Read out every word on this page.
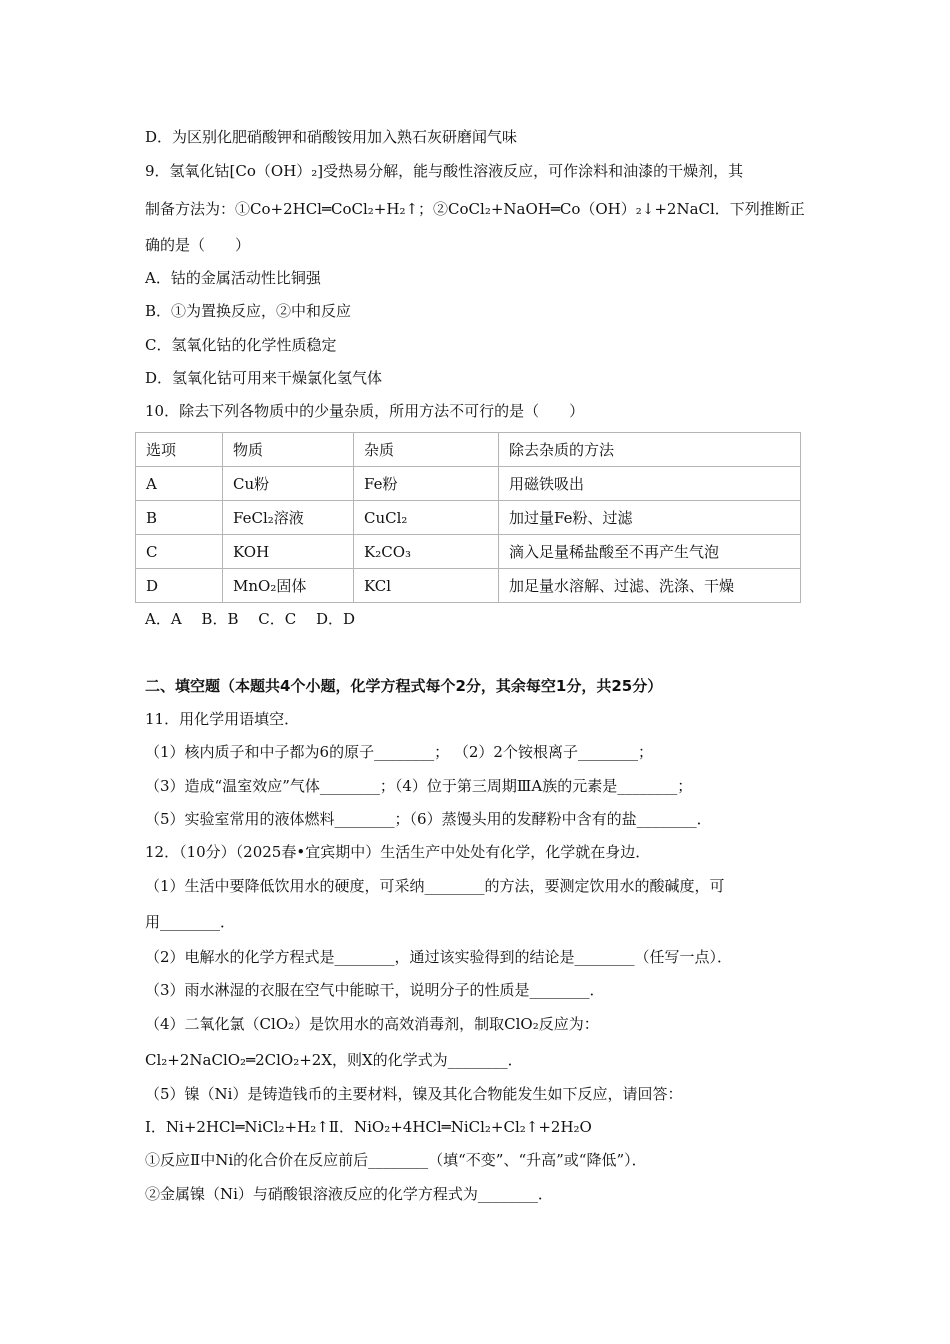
D．为区别化肥硝酸钾和硝酸铵用加入熟石灰研磨闻气味
9．氢氧化钴[Co（OH）₂]受热易分解，能与酸性溶液反应，可作涂料和油漆的干燥剂，其
制备方法为：①Co+2HCl═CoCl₂+H₂↑；②CoCl₂+NaOH═Co（OH）₂↓+2NaCl．下列推断正
确的是（　　）
A．钴的金属活动性比铜强
B．①为置换反应，②中和反应
C．氢氧化钴的化学性质稳定
D．氢氧化钴可用来干燥氯化氢气体
10．除去下列各物质中的少量杂质，所用方法不可行的是（　　）
选项	物质	杂质	除去杂质的方法
A	Cu粉	Fe粉	用磁铁吸出
B	FeCl₂溶液	CuCl₂	加过量Fe粉、过滤
C	KOH	K₂CO₃	滴入足量稀盐酸至不再产生气泡
D	MnO₂固体	KCl	加足量水溶解、过滤、洗涤、干燥
A．A　 B．B　 C．C　 D．D
二、填空题（本题共4个小题，化学方程式每个2分，其余每空1分，共25分）
11．用化学用语填空．
（1）核内质子和中子都为6的原子________； （2）2个铵根离子________；
（3）造成“温室效应”气体________；（4）位于第三周期ⅢA族的元素是________；
（5）实验室常用的液体燃料________；（6）蒸馒头用的发酵粉中含有的盐________．
12．（10分）（2025春•宜宾期中）生活生产中处处有化学，化学就在身边．
（1）生活中要降低饮用水的硬度，可采纳________的方法，要测定饮用水的酸碱度，可
用________．
（2）电解水的化学方程式是________，通过该实验得到的结论是________（任写一点）．
（3）雨水淋湿的衣服在空气中能晾干，说明分子的性质是________．
（4）二氧化氯（ClO₂）是饮用水的高效消毒剂，制取ClO₂反应为：
Cl₂+2NaClO₂═2ClO₂+2X，则X的化学式为________．
（5）镍（Ni）是铸造钱币的主要材料，镍及其化合物能发生如下反应，请回答：
Ⅰ．Ni+2HCl═NiCl₂+H₂↑Ⅱ．NiO₂+4HCl═NiCl₂+Cl₂↑+2H₂O
①反应Ⅱ中Ni的化合价在反应前后________（填“不变”、“升高”或“降低”）．
②金属镍（Ni）与硝酸银溶液反应的化学方程式为________．
